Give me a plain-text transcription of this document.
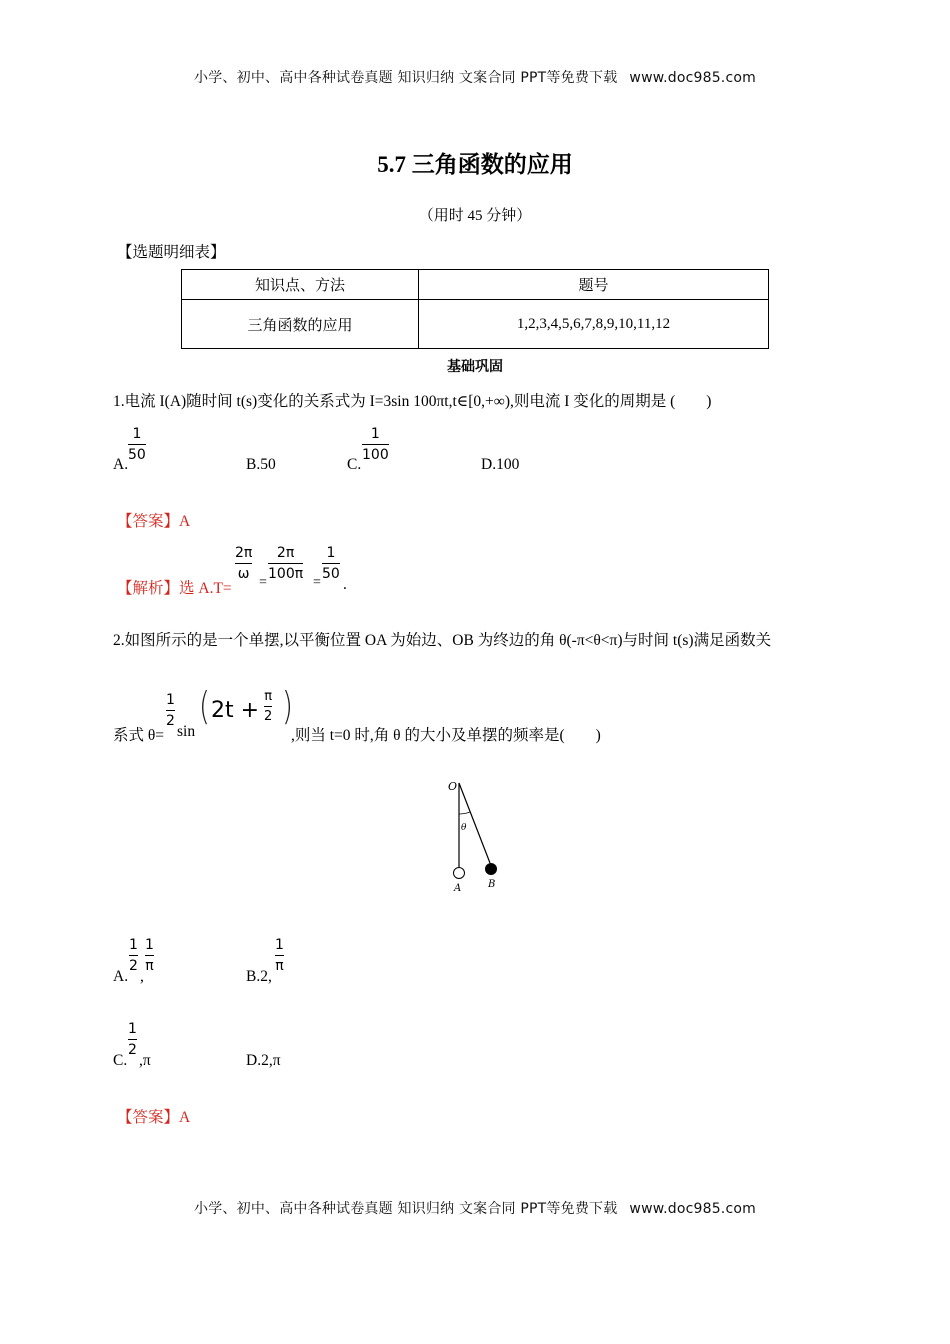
小学、初中、高中各种试卷真题 知识归纳 文案合同 PPT等免费下载 www.doc985.com
5.7 三角函数的应用
（用时 45 分钟）
【选题明细表】
知识点、方法	题号
三角函数的应用	1,2,3,4,5,6,7,8,9,10,11,12
基础巩固
1.电流 I(A)随时间 t(s)变化的关系式为 I=3sin 100πt,t∈[0,+∞),则电流 I 变化的周期是 (　　)
A.
$\frac{1}{50}$
B.50	C.
$\frac{1}{100}$
D.100
【答案】A
【解析】选 A.T=
$\frac{2\pi}{\omega}$
=
$\frac{2\pi}{100\pi}$
=
$\frac{1}{50}$
.
2.如图所示的是一个单摆,以平衡位置 OA 为始边、OB 为终边的角 θ(-π<θ<π)与时间 t(s)满足函数关
系式 θ=
$\frac{1}{2}$
sin
( $2t + \frac{\pi}{2}$ )
,则当 t=0 时,角 θ 的大小及单摆的频率是(　　)
O
θ
A	B
A.
$\frac{1}{2}$
,
$\frac{1}{\pi}$
B.2,
$\frac{1}{\pi}$
C.
$\frac{1}{2}$
,π	D.2,π
【答案】A
小学、初中、高中各种试卷真题 知识归纳 文案合同 PPT等免费下载 www.doc985.com
